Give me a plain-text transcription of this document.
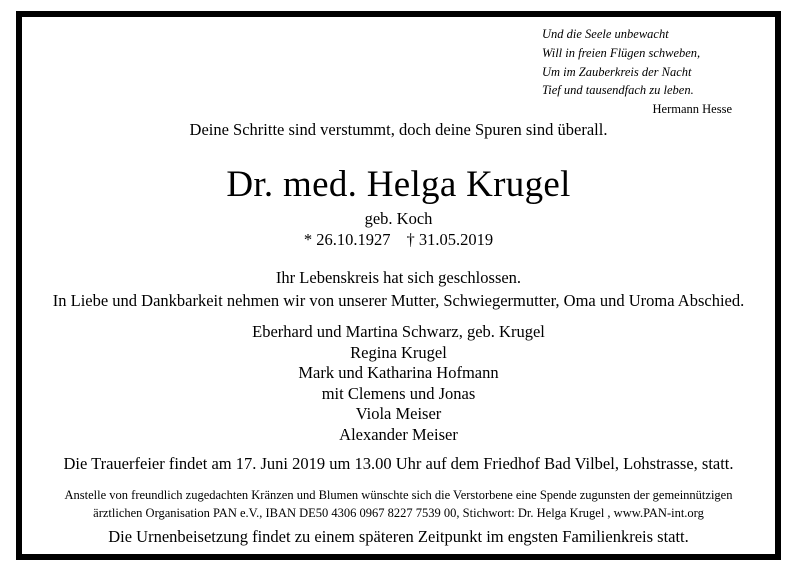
Und die Seele unbewacht
Will in freien Flügen schweben,
Um im Zauberkreis der Nacht
Tief und tausendfach zu leben.
Hermann Hesse
Deine Schritte sind verstummt, doch deine Spuren sind überall.
Dr. med. Helga Krugel
geb. Koch
* 26.10.1927 † 31.05.2019
Ihr Lebenskreis hat sich geschlossen.
In Liebe und Dankbarkeit nehmen wir von unserer Mutter, Schwiegermutter, Oma und Uroma Abschied.
Eberhard und Martina Schwarz, geb. Krugel
Regina Krugel
Mark und Katharina Hofmann
mit Clemens und Jonas
Viola Meiser
Alexander Meiser
Die Trauerfeier findet am 17. Juni 2019 um 13.00 Uhr auf dem Friedhof Bad Vilbel, Lohstrasse, statt.
Anstelle von freundlich zugedachten Kränzen und Blumen wünschte sich die Verstorbene eine Spende zugunsten der gemeinnützigen
ärztlichen Organisation PAN e.V., IBAN DE50 4306 0967 8227 7539 00, Stichwort: Dr. Helga Krugel , www.PAN-int.org
Die Urnenbeisetzung findet zu einem späteren Zeitpunkt im engsten Familienkreis statt.
